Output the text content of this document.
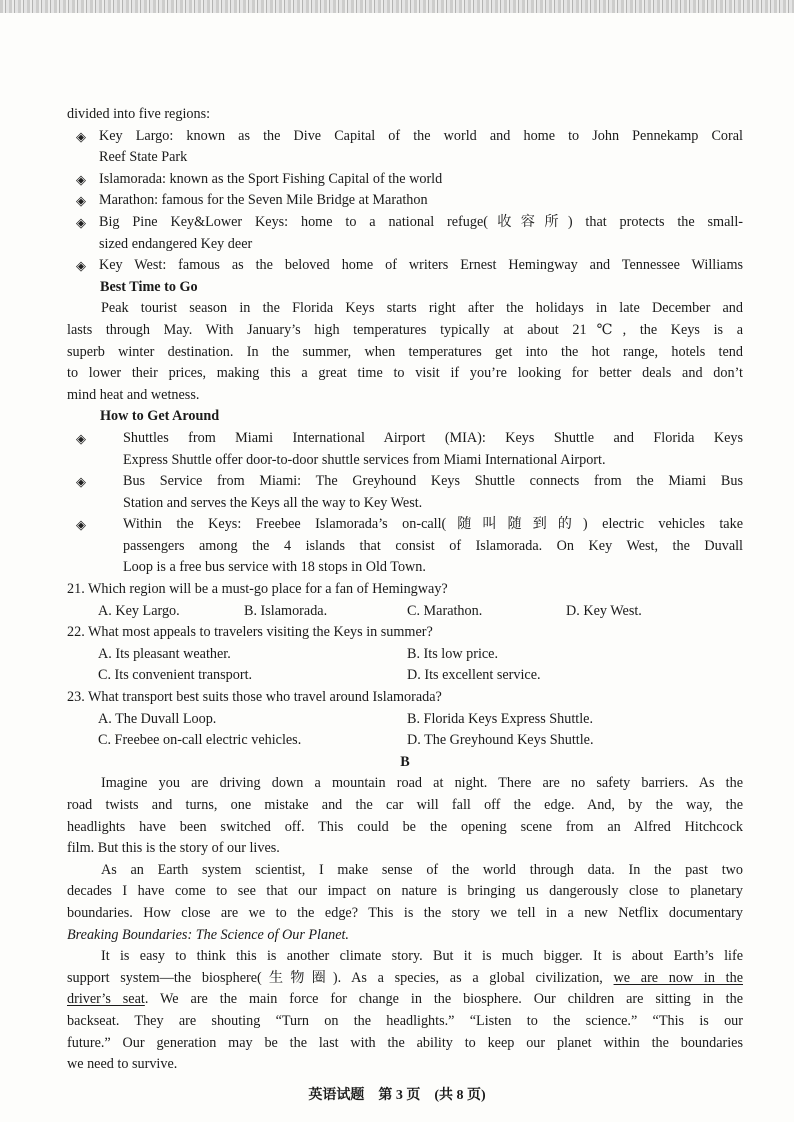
divided into five regions:
◈ Key Largo: known as the Dive Capital of the world and home to John Pennekamp Coral
Reef State Park
◈ Islamorada: known as the Sport Fishing Capital of the world
◈ Marathon: famous for the Seven Mile Bridge at Marathon
◈ Big Pine Key&Lower Keys: home to a national refuge(收容所) that protects the small-
sized endangered Key deer
◈ Key West: famous as the beloved home of writers Ernest Hemingway and Tennessee Williams
Best Time to Go
Peak tourist season in the Florida Keys starts right after the holidays in late December and
lasts through May. With January’s high temperatures typically at about 21℃, the Keys is a
superb winter destination. In the summer, when temperatures get into the hot range, hotels tend
to lower their prices, making this a great time to visit if you’re looking for better deals and don’t
mind heat and wetness.
How to Get Around
◈	Shuttles from Miami International Airport (MIA): Keys Shuttle and Florida Keys
Express Shuttle offer door-to-door shuttle services from Miami International Airport.
◈	Bus Service from Miami: The Greyhound Keys Shuttle connects from the Miami Bus
Station and serves the Keys all the way to Key West.
◈	Within the Keys: Freebee Islamorada’s on-call(随叫随到的) electric vehicles take
passengers among the 4 islands that consist of Islamorada. On Key West, the Duvall
Loop is a free bus service with 18 stops in Old Town.
21. Which region will be a must-go place for a fan of Hemingway?
A. Key Largo.	B. Islamorada.	C. Marathon.	D. Key West.
22. What most appeals to travelers visiting the Keys in summer?
A. Its pleasant weather.	B. Its low price.
C. Its convenient transport.	D. Its excellent service.
23. What transport best suits those who travel around Islamorada?
A. The Duvall Loop.	B. Florida Keys Express Shuttle.
C. Freebee on-call electric vehicles.	D. The Greyhound Keys Shuttle.
B
Imagine you are driving down a mountain road at night. There are no safety barriers. As the
road twists and turns, one mistake and the car will fall off the edge. And, by the way, the
headlights have been switched off. This could be the opening scene from an Alfred Hitchcock
film. But this is the story of our lives.
As an Earth system scientist, I make sense of the world through data. In the past two
decades I have come to see that our impact on nature is bringing us dangerously close to planetary
boundaries. How close are we to the edge? This is the story we tell in a new Netflix documentary
Breaking Boundaries: The Science of Our Planet.
It is easy to think this is another climate story. But it is much bigger. It is about Earth’s life
support system—the biosphere(生物圈). As a species, as a global civilization, we are now in the
driver’s seat. We are the main force for change in the biosphere. Our children are sitting in the
backseat. They are shouting “Turn on the headlights.” “Listen to the science.” “This is our
future.” Our generation may be the last with the ability to keep our planet within the boundaries
we need to survive.
英语试题　第 3 页　(共 8 页)
